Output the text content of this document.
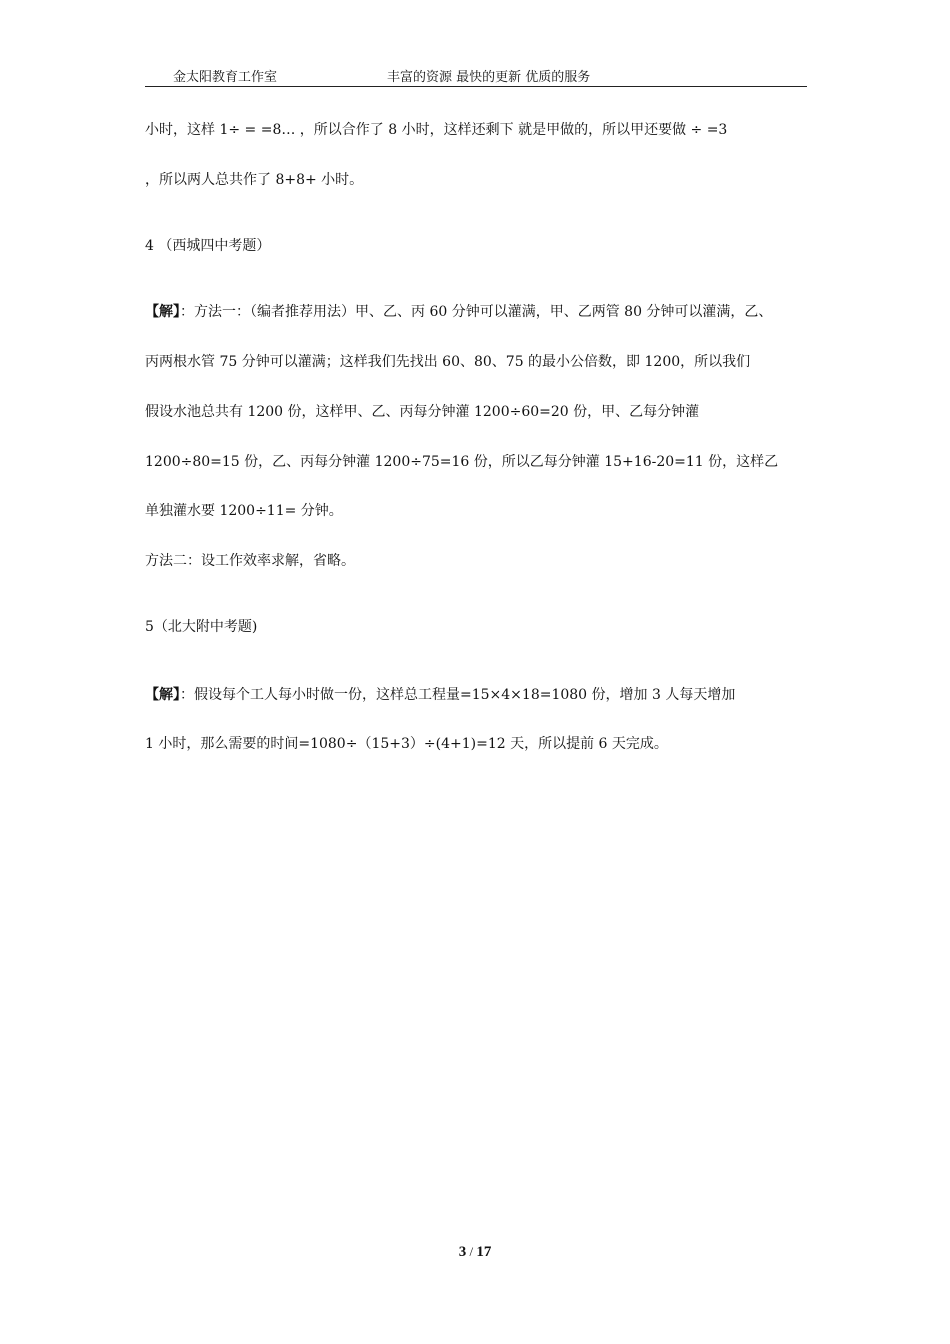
金太阳教育工作室	丰富的资源 最快的更新 优质的服务
小时，这样 1÷ = =8… ，所以合作了 8 小时，这样还剩下 就是甲做的，所以甲还要做 ÷ =3
，所以两人总共作了 8+8+ 小时。
4 （西城四中考题）
【解】：方法一：（编者推荐用法）甲、乙、丙 60 分钟可以灌满，甲、乙两管 80 分钟可以灌满，乙、
丙两根水管 75 分钟可以灌满；这样我们先找出 60、80、75 的最小公倍数，即 1200，所以我们
假设水池总共有 1200 份，这样甲、乙、丙每分钟灌 1200÷60=20 份，甲、乙每分钟灌
1200÷80=15 份，乙、丙每分钟灌 1200÷75=16 份，所以乙每分钟灌 15+16-20=11 份，这样乙
单独灌水要 1200÷11= 分钟。
方法二：设工作效率求解，省略。
5（北大附中考题)
【解】：假设每个工人每小时做一份，这样总工程量=15×4×18=1080 份，增加 3 人每天增加
1 小时，那么需要的时间=1080÷（15+3）÷(4+1)=12 天，所以提前 6 天完成。
3 / 17
